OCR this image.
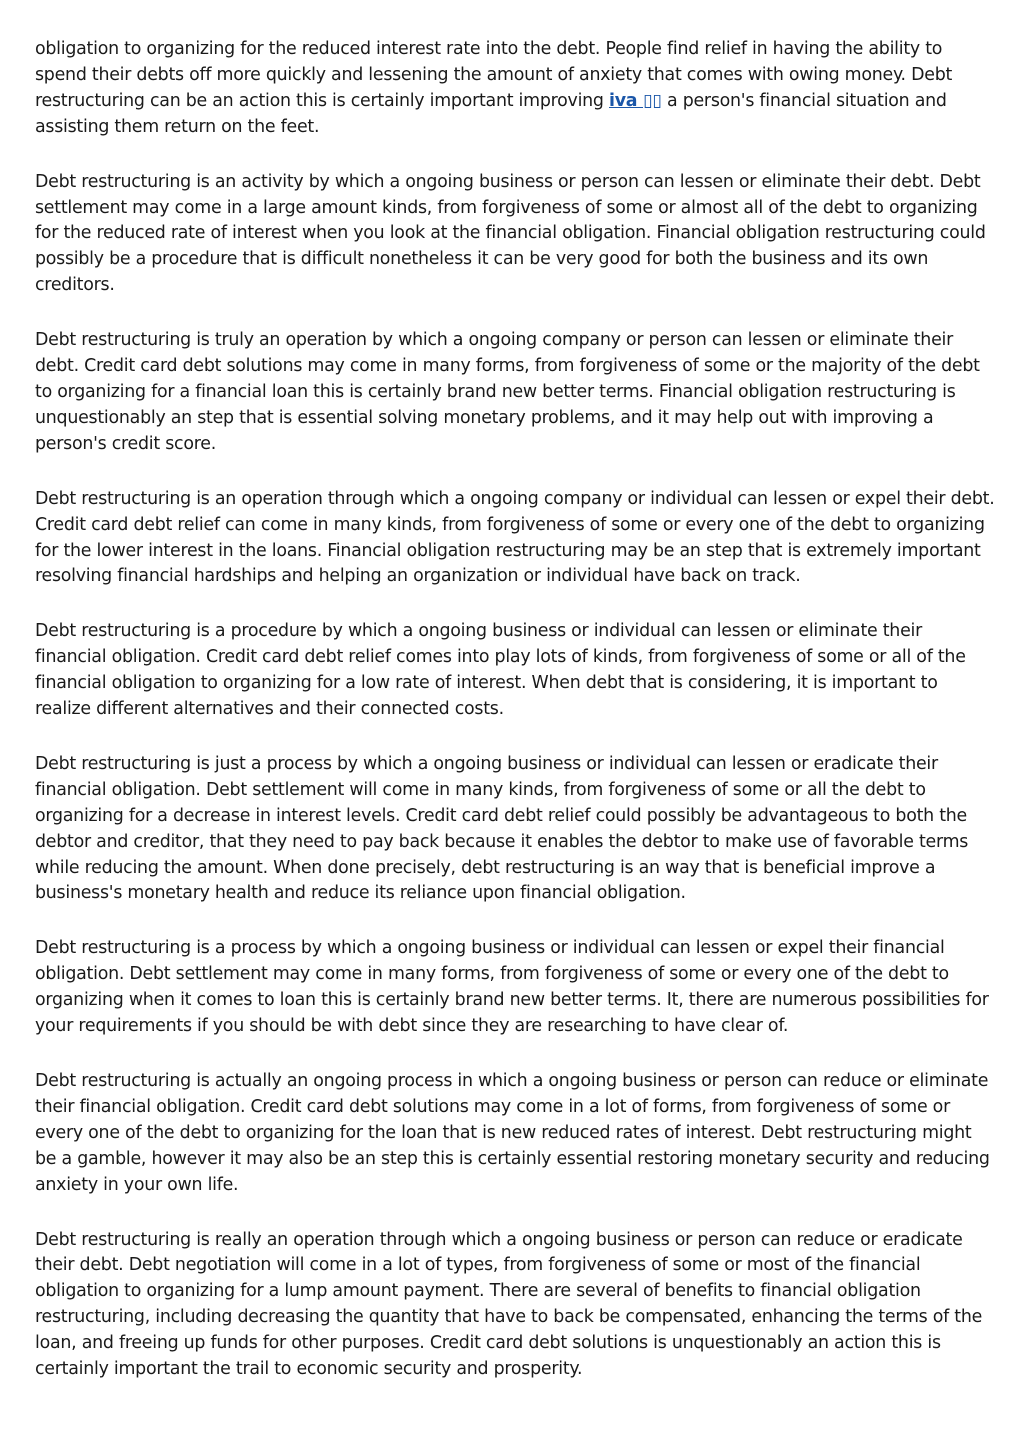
obligation to organizing for the reduced interest rate into the debt. People find relief in having the ability to spend their debts off more quickly and lessening the amount of anxiety that comes with owing money. Debt restructuring can be an action this is certainly important improving iva ▯▯ a person's financial situation and assisting them return on the feet.

Debt restructuring is an activity by which a ongoing business or person can lessen or eliminate their debt. Debt settlement may come in a large amount kinds, from forgiveness of some or almost all of the debt to organizing for the reduced rate of interest when you look at the financial obligation. Financial obligation restructuring could possibly be a procedure that is difficult nonetheless it can be very good for both the business and its own creditors.

Debt restructuring is truly an operation by which a ongoing company or person can lessen or eliminate their debt. Credit card debt solutions may come in many forms, from forgiveness of some or the majority of the debt to organizing for a financial loan this is certainly brand new better terms. Financial obligation restructuring is unquestionably an step that is essential solving monetary problems, and it may help out with improving a person's credit score.

Debt restructuring is an operation through which a ongoing company or individual can lessen or expel their debt. Credit card debt relief can come in many kinds, from forgiveness of some or every one of the debt to organizing for the lower interest in the loans. Financial obligation restructuring may be an step that is extremely important resolving financial hardships and helping an organization or individual have back on track.

Debt restructuring is a procedure by which a ongoing business or individual can lessen or eliminate their financial obligation. Credit card debt relief comes into play lots of kinds, from forgiveness of some or all of the financial obligation to organizing for a low rate of interest. When debt that is considering, it is important to realize different alternatives and their connected costs.

Debt restructuring is just a process by which a ongoing business or individual can lessen or eradicate their financial obligation. Debt settlement will come in many kinds, from forgiveness of some or all the debt to organizing for a decrease in interest levels. Credit card debt relief could possibly be advantageous to both the debtor and creditor, that they need to pay back because it enables the debtor to make use of favorable terms while reducing the amount. When done precisely, debt restructuring is an way that is beneficial improve a business's monetary health and reduce its reliance upon financial obligation.

Debt restructuring is a process by which a ongoing business or individual can lessen or expel their financial obligation. Debt settlement may come in many forms, from forgiveness of some or every one of the debt to organizing when it comes to loan this is certainly brand new better terms. It, there are numerous possibilities for your requirements if you should be with debt since they are researching to have clear of.

Debt restructuring is actually an ongoing process in which a ongoing business or person can reduce or eliminate their financial obligation. Credit card debt solutions may come in a lot of forms, from forgiveness of some or every one of the debt to organizing for the loan that is new reduced rates of interest. Debt restructuring might be a gamble, however it may also be an step this is certainly essential restoring monetary security and reducing anxiety in your own life.

Debt restructuring is really an operation through which a ongoing business or person can reduce or eradicate their debt. Debt negotiation will come in a lot of types, from forgiveness of some or most of the financial obligation to organizing for a lump amount payment. There are several of benefits to financial obligation restructuring, including decreasing the quantity that have to back be compensated, enhancing the terms of the loan, and freeing up funds for other purposes. Credit card debt solutions is unquestionably an action this is certainly important the trail to economic security and prosperity.
